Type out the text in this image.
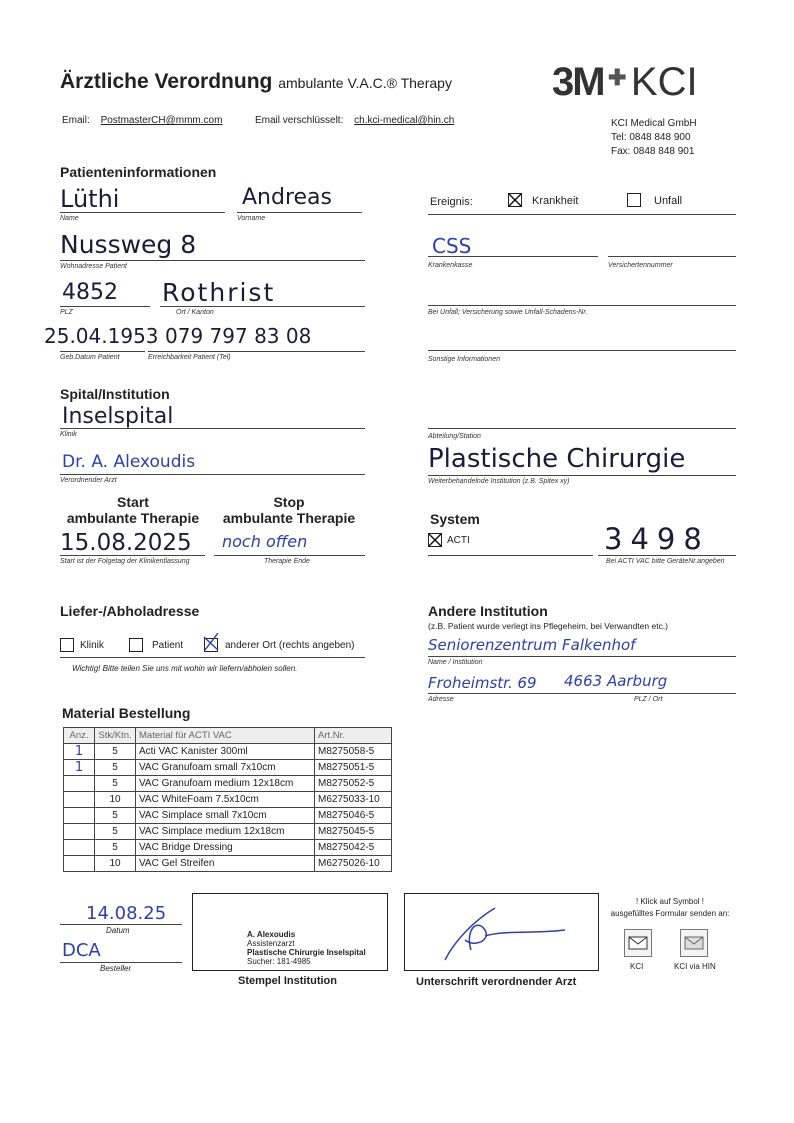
Ärztliche Verordnung ambulante V.A.C.® Therapy	3M ✚ KCI
Email: PostmasterCH@mmm.com	Email verschlüsselt: ch.kci-medical@hin.ch	KCI Medical GmbH
Tel: 0848 848 900
Fax: 0848 848 901
Patienteninformationen
Lüthi
Name
Andreas
Vorname
Nussweg 8
Wohnadresse Patient
4852
PLZ
Rothrist
Ort / Kanton
25.04.1953
Geb.Datum Patient
079 797 83 08
Erreichbarkeit Patient (Tel)
Ereignis:	Krankheit	Unfall
CSS
Krankenkasse	Versichertennummer
Bei Unfall; Versicherung sowie Unfall-Schadens-Nr.
Sonstige Informationen
Spital/Institution
Inselspital
Klinik
Dr. A. Alexoudis
Verordnender Arzt
Abteilung/Station
Plastische Chirurgie
Weiterbehandelnde Institution (z.B. Spitex xy)
Start
ambulante Therapie
Stop
ambulante Therapie
15.08.2025
Start ist der Folgetag der Klinikentlassung
noch offen
Therapie Ende
System
ACTI	3498
Bei ACTI VAC bitte GeräteNr.angeben
Liefer-/Abholadresse
Klinik	Patient	anderer Ort (rechts angeben)
Wichtig! Bitte teilen Sie uns mit wohin wir liefern/abholen sollen.
Andere Institution
(z.B. Patient wurde verlegt ins Pflegeheim, bei Verwandten etc.)
Seniorenzentrum Falkenhof
Name / Institution
Froheimstr. 69 4663 Aarburg
Adresse	PLZ / Ort
Material Bestellung
Anz.	Stk/Ktn.	Material für ACTI VAC	Art.Nr.
1	5	Acti VAC Kanister 300ml	M8275058-5
1	5	VAC Granufoam small 7x10cm	M8275051-5
	5	VAC Granufoam medium 12x18cm	M8275052-5
	10	VAC WhiteFoam 7.5x10cm	M6275033-10
	5	VAC Simplace small 7x10cm	M8275046-5
	5	VAC Simplace medium 12x18cm	M8275045-5
	5	VAC Bridge Dressing	M8275042-5
	10	VAC Gel Streifen	M6275026-10
14.08.25
Datum
DCA
Besteller
A. Alexoudis
Assistenzarzt
Plastische Chirurgie Inselspital
Sucher: 181-4985
Stempel Institution	Unterschrift verordnender Arzt
! Klick auf Symbol !
ausgefülltes Formular senden an:
KCI	KCI via HIN
